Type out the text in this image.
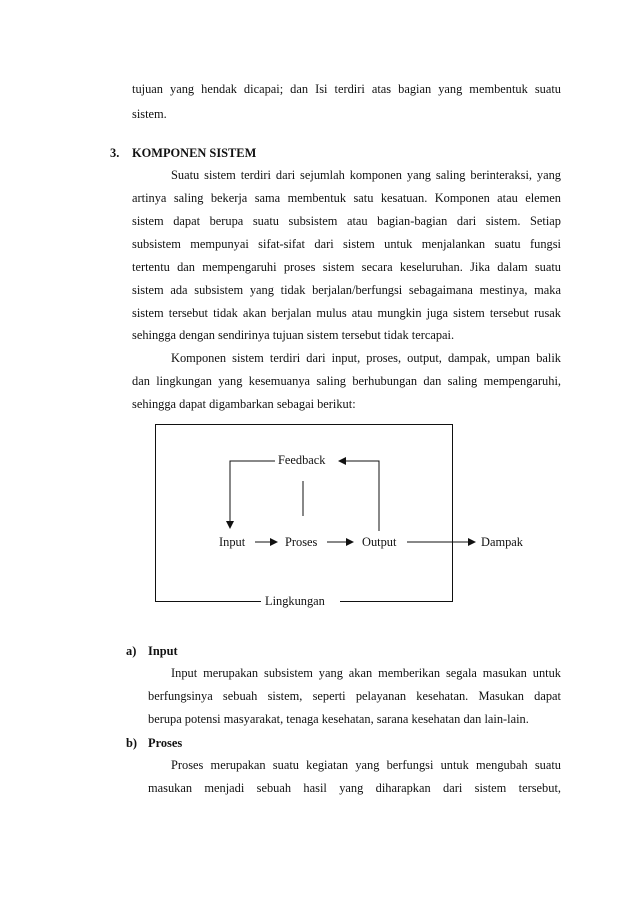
tujuan yang hendak dicapai; dan Isi terdiri atas bagian yang membentuk suatu
sistem.
3. KOMPONEN SISTEM
Suatu sistem terdiri dari sejumlah komponen yang saling berinteraksi, yang
artinya saling bekerja sama membentuk satu kesatuan. Komponen atau elemen
sistem dapat berupa suatu subsistem atau bagian-bagian dari sistem. Setiap
subsistem mempunyai sifat-sifat dari sistem untuk menjalankan suatu fungsi
tertentu dan mempengaruhi proses sistem secara keseluruhan. Jika dalam suatu
sistem ada subsistem yang tidak berjalan/berfungsi sebagaimana mestinya, maka
sistem tersebut tidak akan berjalan mulus atau mungkin juga sistem tersebut rusak
sehingga dengan sendirinya tujuan sistem tersebut tidak tercapai.
Komponen sistem terdiri dari input, proses, output, dampak, umpan balik
dan lingkungan yang kesemuanya saling berhubungan dan saling mempengaruhi,
sehingga dapat digambarkan sebagai berikut:
Feedback
Input	Proses	Output	Dampak
Lingkungan
a) Input
Input merupakan subsistem yang akan memberikan segala masukan untuk
berfungsinya sebuah sistem, seperti pelayanan kesehatan. Masukan dapat
berupa potensi masyarakat, tenaga kesehatan, sarana kesehatan dan lain-lain.
b) Proses
Proses merupakan suatu kegiatan yang berfungsi untuk mengubah suatu
masukan menjadi sebuah hasil yang diharapkan dari sistem tersebut,
